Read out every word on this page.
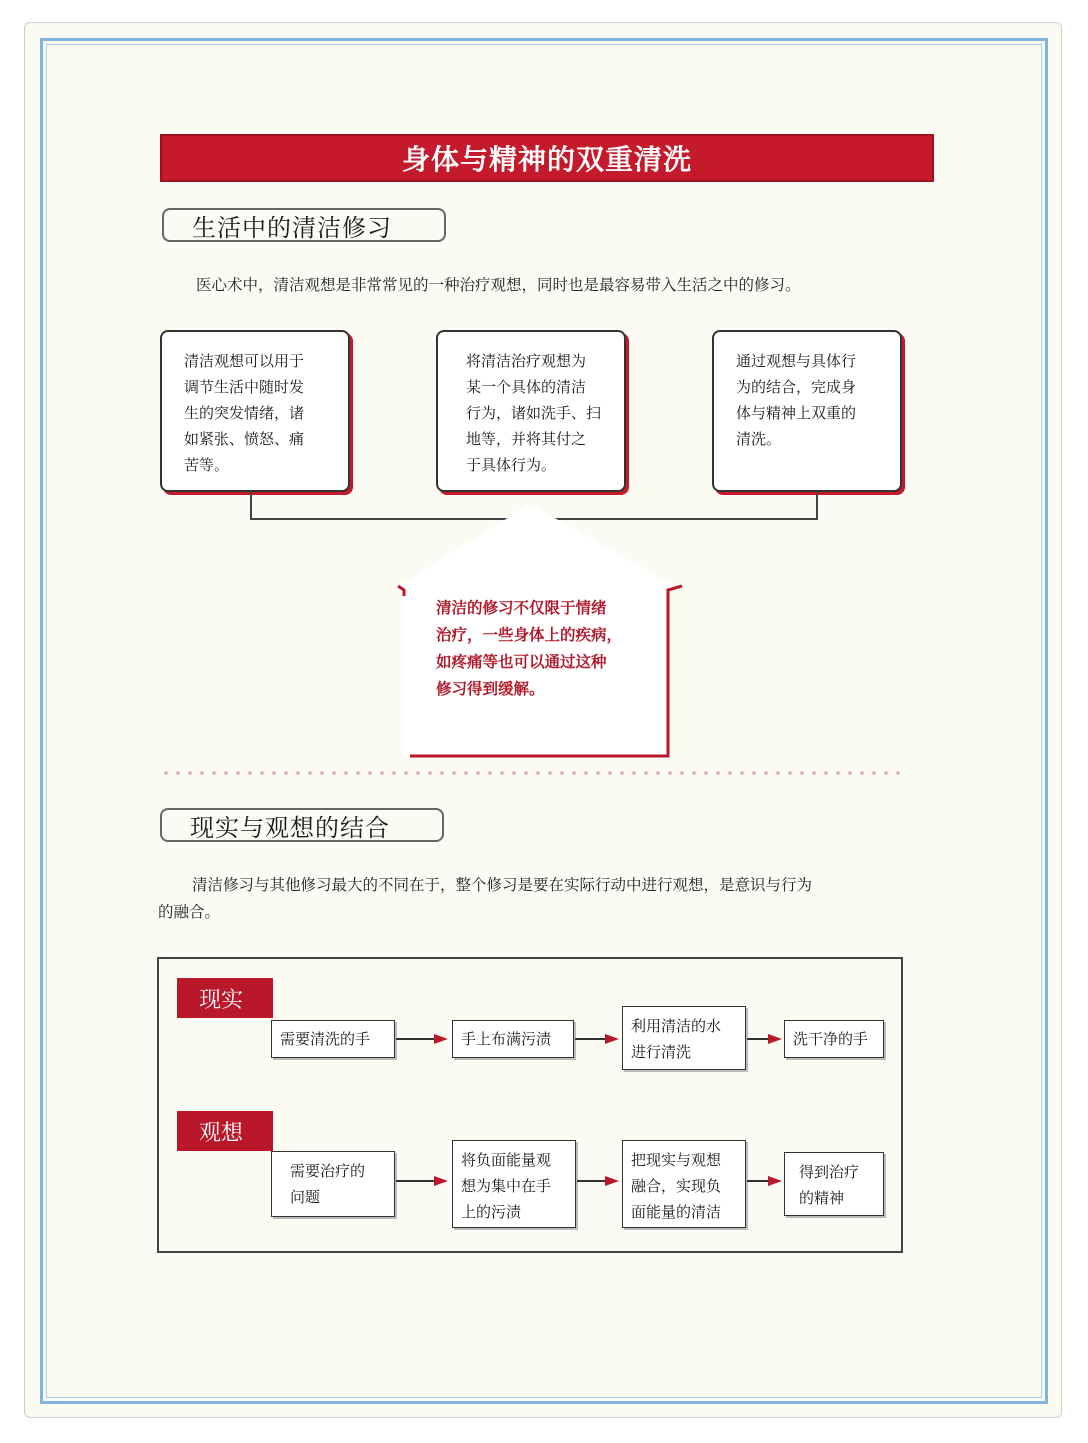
身体与精神的双重清洗
生活中的清洁修习
医心术中，清洁观想是非常常见的一种治疗观想，同时也是最容易带入生活之中的修习。
清洁观想可以用于
调节生活中随时发
生的突发情绪，诸
如紧张、愤怒、痛
苦等。
将清洁治疗观想为
某一个具体的清洁
行为，诸如洗手、扫
地等，并将其付之
于具体行为。
通过观想与具体行
为的结合，完成身
体与精神上双重的
清洗。
清洁的修习不仅限于情绪
治疗，一些身体上的疾病，
如疼痛等也可以通过这种
修习得到缓解。
现实与观想的结合
清洁修习与其他修习最大的不同在于，整个修习是要在实际行动中进行观想，是意识与行为
的融合。
现实
需要清洗的手	手上布满污渍
利用清洁的水
进行清洗
洗干净的手
观想
需要治疗的
问题
将负面能量观
想为集中在手
上的污渍
把现实与观想
融合，实现负
面能量的清洁
得到治疗
的精神
